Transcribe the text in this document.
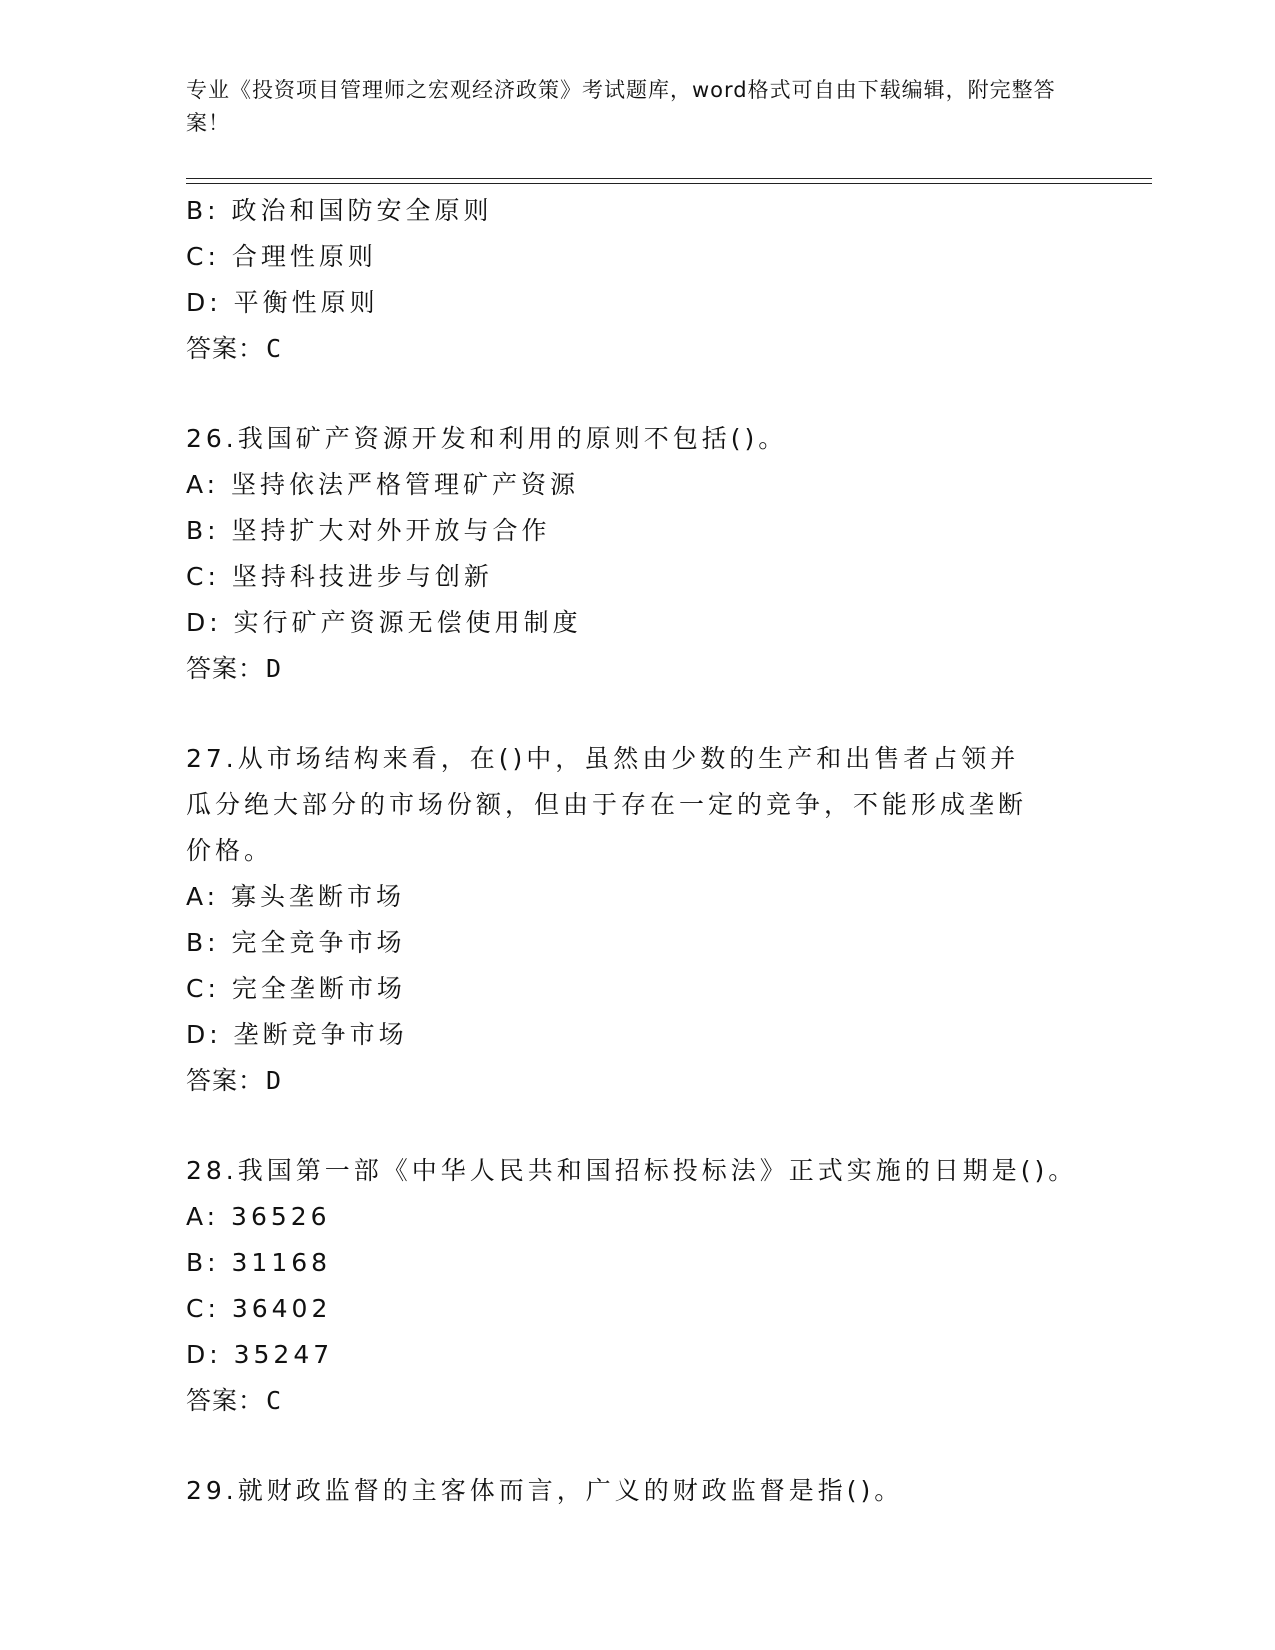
专业《投资项目管理师之宏观经济政策》考试题库，word格式可自由下载编辑，附完整答案！
B: 政治和国防安全原则
C: 合理性原则
D: 平衡性原则
答案：C
26.我国矿产资源开发和利用的原则不包括()。
A: 坚持依法严格管理矿产资源
B: 坚持扩大对外开放与合作
C: 坚持科技进步与创新
D: 实行矿产资源无偿使用制度
答案：D
27.从市场结构来看，在()中，虽然由少数的生产和出售者占领并瓜分绝大部分的市场份额，但由于存在一定的竞争，不能形成垄断价格。
A: 寡头垄断市场
B: 完全竞争市场
C: 完全垄断市场
D: 垄断竞争市场
答案：D
28.我国第一部《中华人民共和国招标投标法》正式实施的日期是()。
A: 36526
B: 31168
C: 36402
D: 35247
答案：C
29.就财政监督的主客体而言，广义的财政监督是指()。
